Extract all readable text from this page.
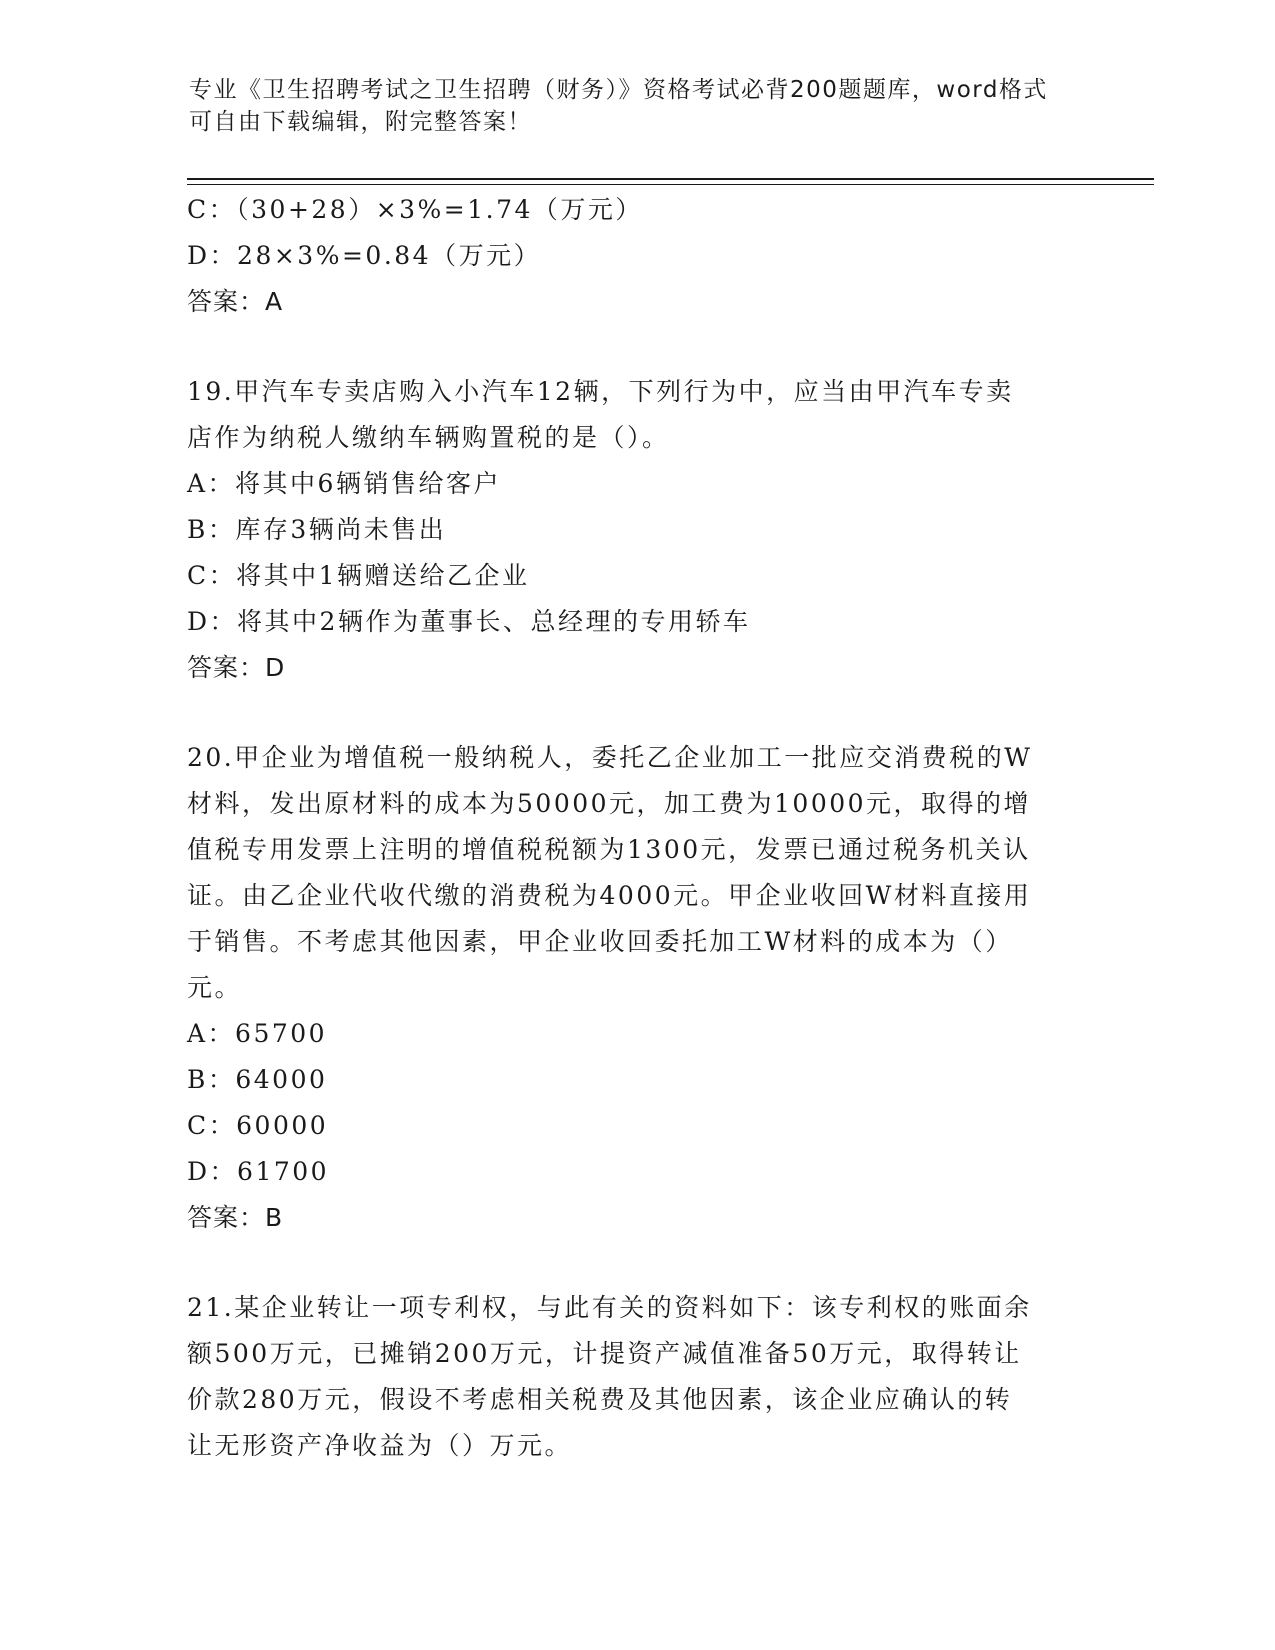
专业《卫生招聘考试之卫生招聘（财务）》资格考试必背200题题库，word格式
可自由下载编辑，附完整答案！
C：（30+28）×3%=1.74（万元）
D：28×3%=0.84（万元）
答案：A
19.甲汽车专卖店购入小汽车12辆，下列行为中，应当由甲汽车专卖
店作为纳税人缴纳车辆购置税的是（）。
A：将其中6辆销售给客户
B：库存3辆尚未售出
C：将其中1辆赠送给乙企业
D：将其中2辆作为董事长、总经理的专用轿车
答案：D
20.甲企业为增值税一般纳税人，委托乙企业加工一批应交消费税的W
材料，发出原材料的成本为50000元，加工费为10000元，取得的增
值税专用发票上注明的增值税税额为1300元，发票已通过税务机关认
证。由乙企业代收代缴的消费税为4000元。甲企业收回W材料直接用
于销售。不考虑其他因素，甲企业收回委托加工W材料的成本为（）
元。
A：65700
B：64000
C：60000
D：61700
答案：B
21.某企业转让一项专利权，与此有关的资料如下：该专利权的账面余
额500万元，已摊销200万元，计提资产减值准备50万元，取得转让
价款280万元，假设不考虑相关税费及其他因素，该企业应确认的转
让无形资产净收益为（）万元。
